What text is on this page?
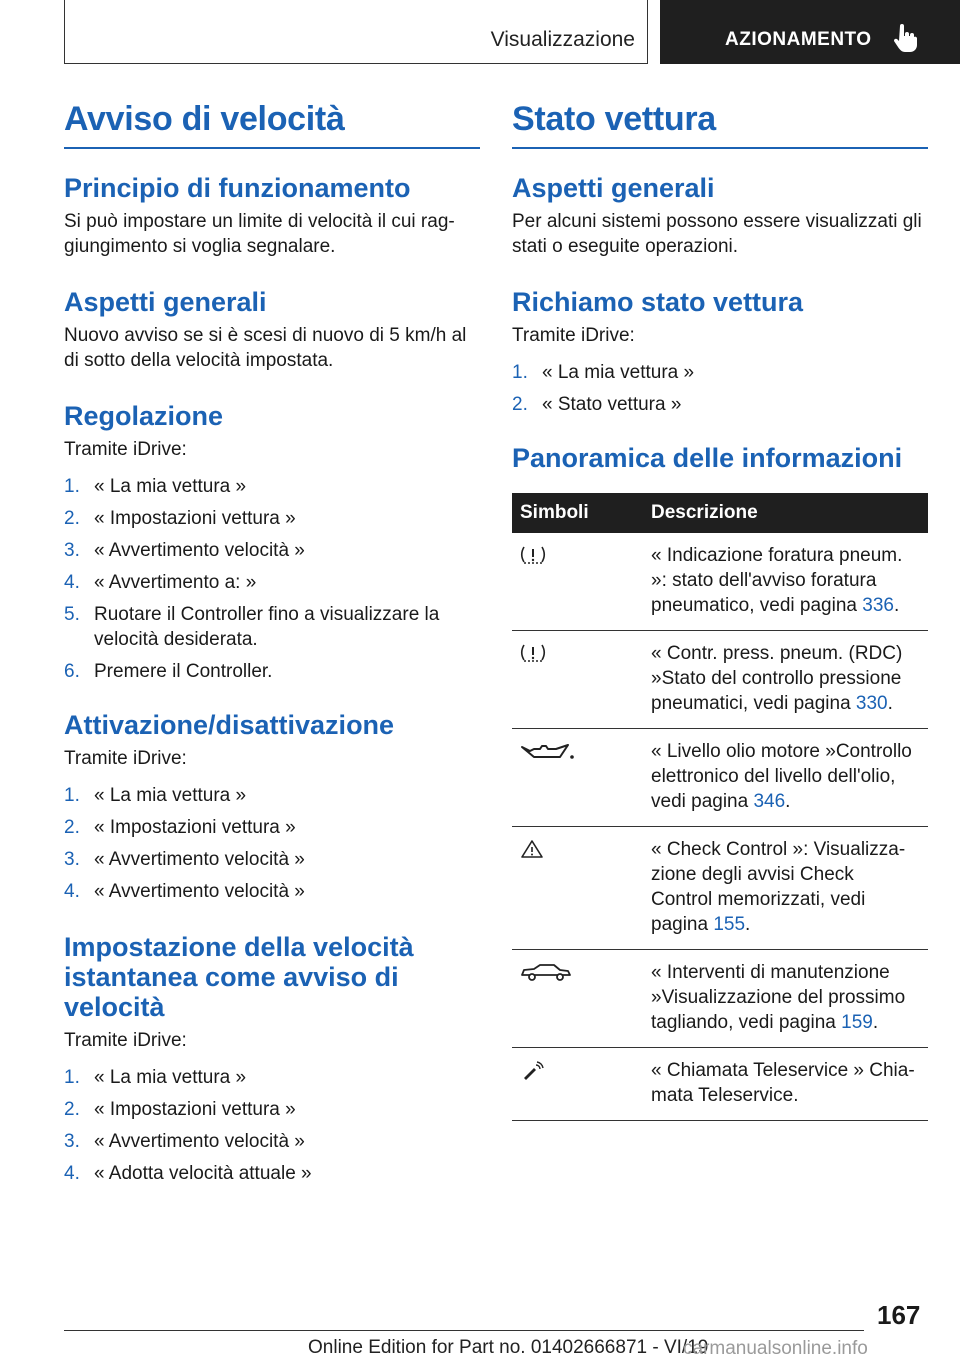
Visualizzazione	AZIONAMENTO
Avviso di velocità
Principio di funzionamento

Si può impostare un limite di velocità il cui raggiungimento si voglia segnalare.

Aspetti generali

Nuovo avviso se si è scesi di nuovo di 5 km/h al di sotto della velocità impostata.

Regolazione

Tramite iDrive:

1. « La mia vettura »
2. « Impostazioni vettura »
3. « Avvertimento velocità »
4. « Avvertimento a: »
5. Ruotare il Controller fino a visualizzare la velocità desiderata.
6. Premere il Controller.
Attivazione/disattivazione

Tramite iDrive:

1. « La mia vettura »
2. « Impostazioni vettura »
3. « Avvertimento velocità »
4. « Avvertimento velocità »
Impostazione della velocità istantanea come avviso di velocità

Tramite iDrive:

1. « La mia vettura »
2. « Impostazioni vettura »
3. « Avvertimento velocità »
4. « Adotta velocità attuale »
Stato vettura
Aspetti generali

Per alcuni sistemi possono essere visualizzati gli stati o eseguite operazioni.

Richiamo stato vettura

Tramite iDrive:

1. « La mia vettura »
2. « Stato vettura »
Panoramica delle informazioni
Simboli	Descrizione
	« Indicazione foratura pneum. »: stato dell'avviso foratura pneumatico, vedi pagina 336.
	« Contr. press. pneum. (RDC) »Stato del controllo pressione pneumatici, vedi pagina 330.
	« Livello olio motore »Controllo elettronico del livello dell'olio, vedi pagina 346.
	« Check Control »: Visualizzazione degli avvisi Check Control memorizzati, vedi pagina 155.
	« Interventi di manutenzione »Visualizzazione del prossimo tagliando, vedi pagina 159.
	« Chiamata Teleservice » Chiamata Teleservice.
167
Online Edition for Part no. 01402666871 - VI/19
carmanualsonline.info
